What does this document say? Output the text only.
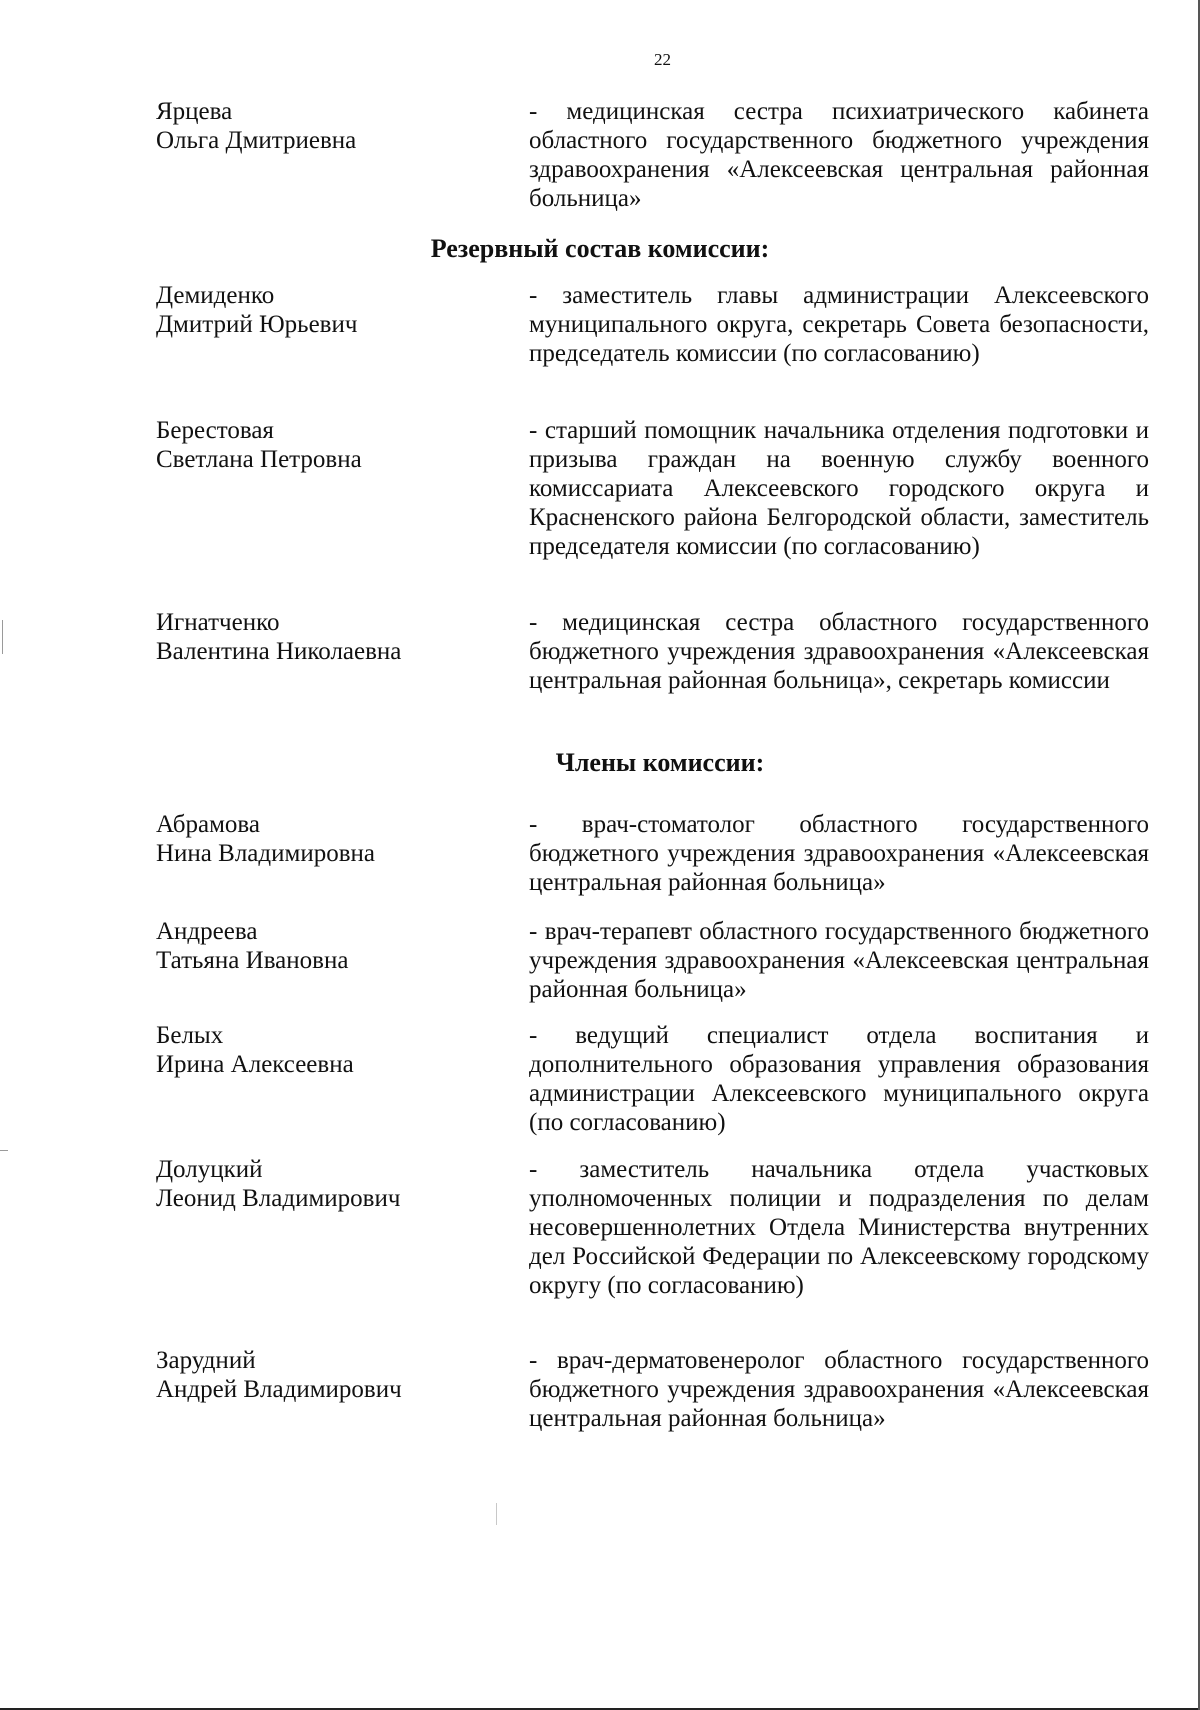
22
Ярцева
Ольга Дмитриевна
- медицинская сестра психиатрического кабинета областного государственного бюджетного учреждения здравоохранения «Алексеевская центральная районная больница»
Резервный состав комиссии:
Демиденко
Дмитрий Юрьевич
- заместитель главы администрации Алексеевского муниципального округа, секретарь Совета безопасности, председатель комиссии (по согласованию)
Берестовая
Светлана Петровна
- старший помощник начальника отделения подготовки и призыва граждан на военную службу военного комиссариата Алексеевского городского округа и Красненского района Белгородской области, заместитель председателя комиссии (по согласованию)
Игнатченко
Валентина Николаевна
- медицинская сестра областного государственного бюджетного учреждения здравоохранения «Алексеевская центральная районная больница», секретарь комиссии
Члены комиссии:
Абрамова
Нина Владимировна
- врач-стоматолог областного государственного бюджетного учреждения здравоохранения «Алексеевская центральная районная больница»
Андреева
Татьяна Ивановна
- врач-терапевт областного государственного бюджетного учреждения здравоохранения «Алексеевская центральная районная больница»
Белых
Ирина Алексеевна
- ведущий специалист отдела воспитания и дополнительного образования управления образования администрации Алексеевского муниципального округа (по согласованию)
Долуцкий
Леонид Владимирович
- заместитель начальника отдела участковых уполномоченных полиции и подразделения по делам несовершеннолетних Отдела Министерства внутренних дел Российской Федерации по Алексеевскому городскому округу (по согласованию)
Зарудний
Андрей Владимирович
- врач-дерматовенеролог областного государственного бюджетного учреждения здравоохранения «Алексеевская центральная районная больница»
